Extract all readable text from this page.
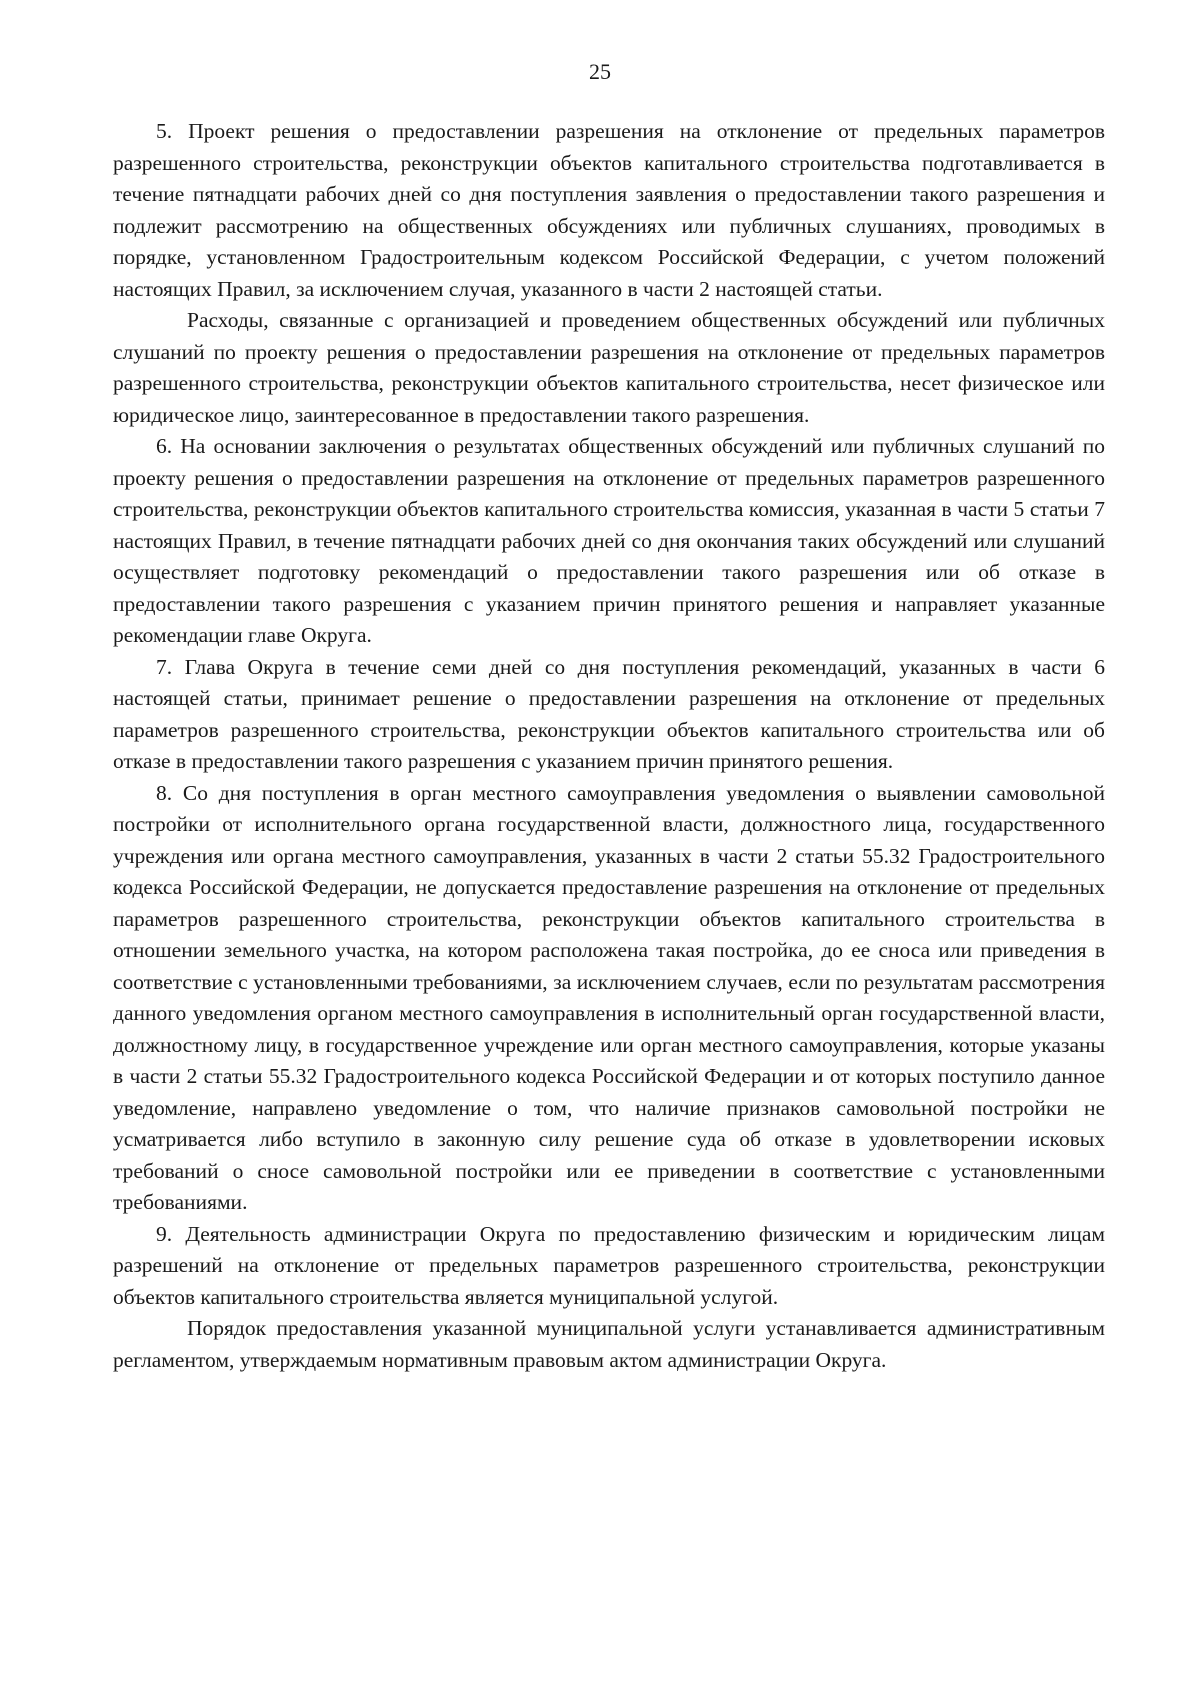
25

5. Проект решения о предоставлении разрешения на отклонение от предельных параметров разрешенного строительства, реконструкции объектов капитального строительства подготавливается в течение пятнадцати рабочих дней со дня поступления заявления о предоставлении такого разрешения и подлежит рассмотрению на общественных обсуждениях или публичных слушаниях, проводимых в порядке, установленном Градостроительным кодексом Российской Федерации, с учетом положений настоящих Правил, за исключением случая, указанного в части 2 настоящей статьи.

Расходы, связанные с организацией и проведением общественных обсуждений или публичных слушаний по проекту решения о предоставлении разрешения на отклонение от предельных параметров разрешенного строительства, реконструкции объектов капитального строительства, несет физическое или юридическое лицо, заинтересованное в предоставлении такого разрешения.

6. На основании заключения о результатах общественных обсуждений или публичных слушаний по проекту решения о предоставлении разрешения на отклонение от предельных параметров разрешенного строительства, реконструкции объектов капитального строительства комиссия, указанная в части 5 статьи 7 настоящих Правил, в течение пятнадцати рабочих дней со дня окончания таких обсуждений или слушаний осуществляет подготовку рекомендаций о предоставлении такого разрешения или об отказе в предоставлении такого разрешения с указанием причин принятого решения и направляет указанные рекомендации главе Округа.

7. Глава Округа в течение семи дней со дня поступления рекомендаций, указанных в части 6 настоящей статьи, принимает решение о предоставлении разрешения на отклонение от предельных параметров разрешенного строительства, реконструкции объектов капитального строительства или об отказе в предоставлении такого разрешения с указанием причин принятого решения.

8. Со дня поступления в орган местного самоуправления уведомления о выявлении самовольной постройки от исполнительного органа государственной власти, должностного лица, государственного учреждения или органа местного самоуправления, указанных в части 2 статьи 55.32 Градостроительного кодекса Российской Федерации, не допускается предоставление разрешения на отклонение от предельных параметров разрешенного строительства, реконструкции объектов капитального строительства в отношении земельного участка, на котором расположена такая постройка, до ее сноса или приведения в соответствие с установленными требованиями, за исключением случаев, если по результатам рассмотрения данного уведомления органом местного самоуправления в исполнительный орган государственной власти, должностному лицу, в государственное учреждение или орган местного самоуправления, которые указаны в части 2 статьи 55.32 Градостроительного кодекса Российской Федерации и от которых поступило данное уведомление, направлено уведомление о том, что наличие признаков самовольной постройки не усматривается либо вступило в законную силу решение суда об отказе в удовлетворении исковых требований о сносе самовольной постройки или ее приведении в соответствие с установленными требованиями.

9. Деятельность администрации Округа по предоставлению физическим и юридическим лицам разрешений на отклонение от предельных параметров разрешенного строительства, реконструкции объектов капитального строительства является муниципальной услугой.

Порядок предоставления указанной муниципальной услуги устанавливается административным регламентом, утверждаемым нормативным правовым актом администрации Округа.
